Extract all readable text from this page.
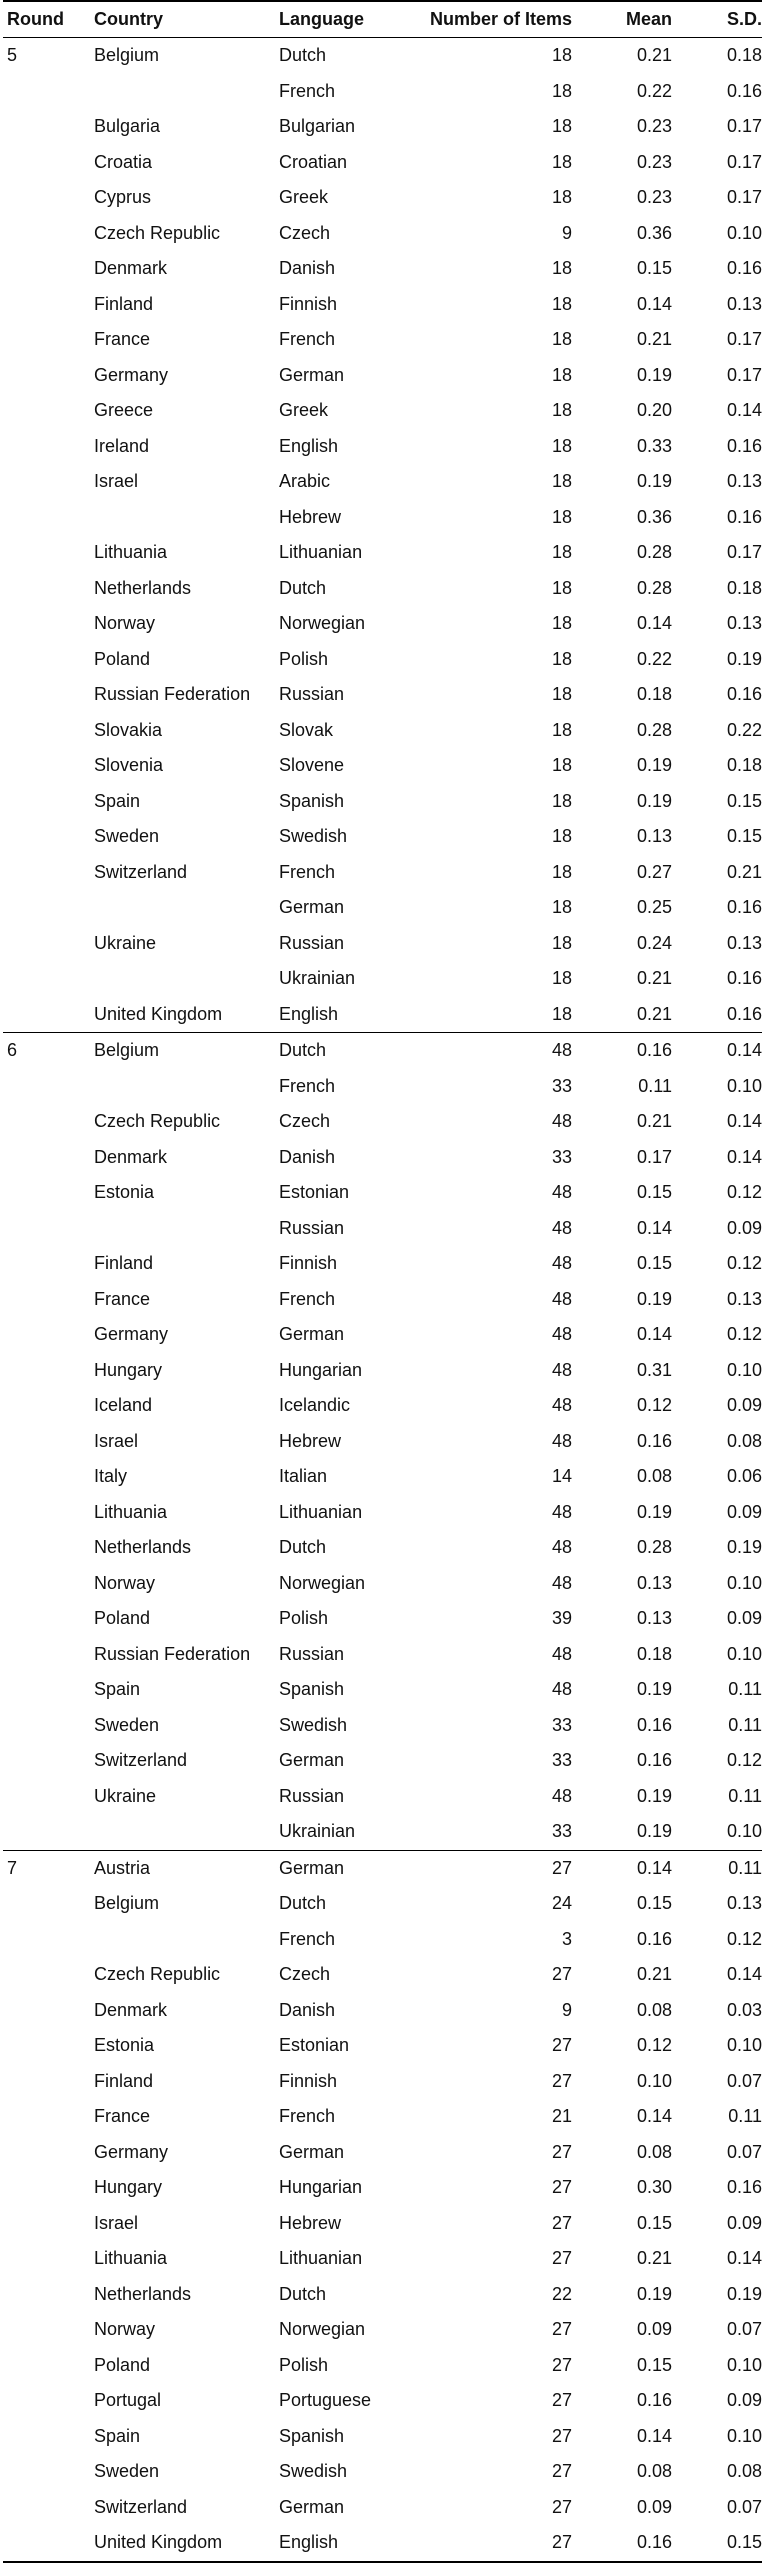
Round	Country	Language	Number of Items	Mean	S.D.
5	Belgium	Dutch	18	0.21	0.18
		French	18	0.22	0.16
	Bulgaria	Bulgarian	18	0.23	0.17
	Croatia	Croatian	18	0.23	0.17
	Cyprus	Greek	18	0.23	0.17
	Czech Republic	Czech	9	0.36	0.10
	Denmark	Danish	18	0.15	0.16
	Finland	Finnish	18	0.14	0.13
	France	French	18	0.21	0.17
	Germany	German	18	0.19	0.17
	Greece	Greek	18	0.20	0.14
	Ireland	English	18	0.33	0.16
	Israel	Arabic	18	0.19	0.13
		Hebrew	18	0.36	0.16
	Lithuania	Lithuanian	18	0.28	0.17
	Netherlands	Dutch	18	0.28	0.18
	Norway	Norwegian	18	0.14	0.13
	Poland	Polish	18	0.22	0.19
	Russian Federation	Russian	18	0.18	0.16
	Slovakia	Slovak	18	0.28	0.22
	Slovenia	Slovene	18	0.19	0.18
	Spain	Spanish	18	0.19	0.15
	Sweden	Swedish	18	0.13	0.15
	Switzerland	French	18	0.27	0.21
		German	18	0.25	0.16
	Ukraine	Russian	18	0.24	0.13
		Ukrainian	18	0.21	0.16
	United Kingdom	English	18	0.21	0.16
6	Belgium	Dutch	48	0.16	0.14
		French	33	0.11	0.10
	Czech Republic	Czech	48	0.21	0.14
	Denmark	Danish	33	0.17	0.14
	Estonia	Estonian	48	0.15	0.12
		Russian	48	0.14	0.09
	Finland	Finnish	48	0.15	0.12
	France	French	48	0.19	0.13
	Germany	German	48	0.14	0.12
	Hungary	Hungarian	48	0.31	0.10
	Iceland	Icelandic	48	0.12	0.09
	Israel	Hebrew	48	0.16	0.08
	Italy	Italian	14	0.08	0.06
	Lithuania	Lithuanian	48	0.19	0.09
	Netherlands	Dutch	48	0.28	0.19
	Norway	Norwegian	48	0.13	0.10
	Poland	Polish	39	0.13	0.09
	Russian Federation	Russian	48	0.18	0.10
	Spain	Spanish	48	0.19	0.11
	Sweden	Swedish	33	0.16	0.11
	Switzerland	German	33	0.16	0.12
	Ukraine	Russian	48	0.19	0.11
		Ukrainian	33	0.19	0.10
7	Austria	German	27	0.14	0.11
	Belgium	Dutch	24	0.15	0.13
		French	3	0.16	0.12
	Czech Republic	Czech	27	0.21	0.14
	Denmark	Danish	9	0.08	0.03
	Estonia	Estonian	27	0.12	0.10
	Finland	Finnish	27	0.10	0.07
	France	French	21	0.14	0.11
	Germany	German	27	0.08	0.07
	Hungary	Hungarian	27	0.30	0.16
	Israel	Hebrew	27	0.15	0.09
	Lithuania	Lithuanian	27	0.21	0.14
	Netherlands	Dutch	22	0.19	0.19
	Norway	Norwegian	27	0.09	0.07
	Poland	Polish	27	0.15	0.10
	Portugal	Portuguese	27	0.16	0.09
	Spain	Spanish	27	0.14	0.10
	Sweden	Swedish	27	0.08	0.08
	Switzerland	German	27	0.09	0.07
	United Kingdom	English	27	0.16	0.15
